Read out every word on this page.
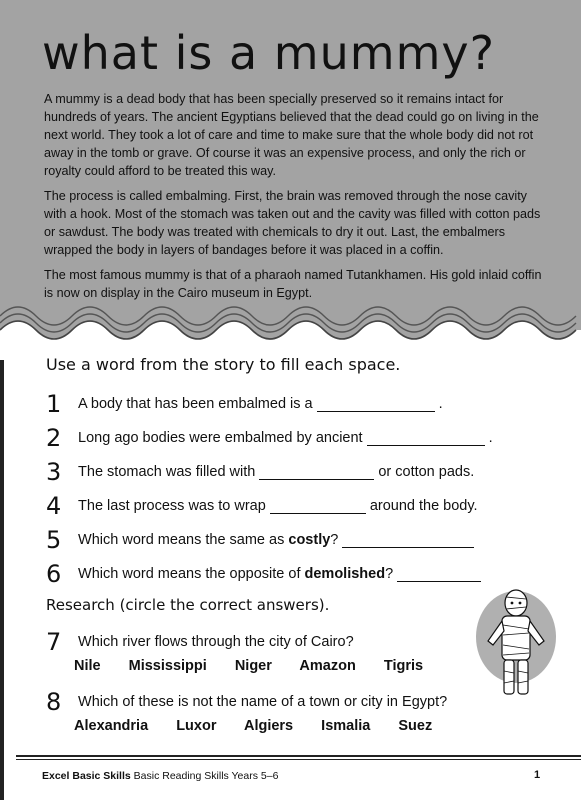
what is a mummy?

A mummy is a dead body that has been specially preserved so it remains intact for hundreds of years. The ancient Egyptians believed that the dead could go on living in the next world. They took a lot of care and time to make sure that the whole body did not rot away in the tomb or grave. Of course it was an expensive process, and only the rich or royalty could afford to be treated this way.

The process is called embalming. First, the brain was removed through the nose cavity with a hook. Most of the stomach was taken out and the cavity was filled with cotton pads or sawdust. The body was treated with chemicals to dry it out. Last, the embalmers wrapped the body in layers of bandages before it was placed in a coffin.

The most famous mummy is that of a pharaoh named Tutankhamen. His gold inlaid coffin is now on display in the Cairo museum in Egypt.

Use a word from the story to fill each space.
1 A body that has been embalmed is a	.
2 Long ago bodies were embalmed by ancient	.
3 The stomach was filled with	or cotton pads.
4 The last process was to wrap	around the body.
5 Which word means the same as costly?
6 Which word means the opposite of demolished?
Research (circle the correct answers).
7 Which river flows through the city of Cairo?
Nile Mississippi Niger Amazon Tigris
8 Which of these is not the name of a town or city in Egypt?
Alexandria Luxor Algiers Ismalia Suez
Excel Basic Skills Basic Reading Skills Years 5–6	1
